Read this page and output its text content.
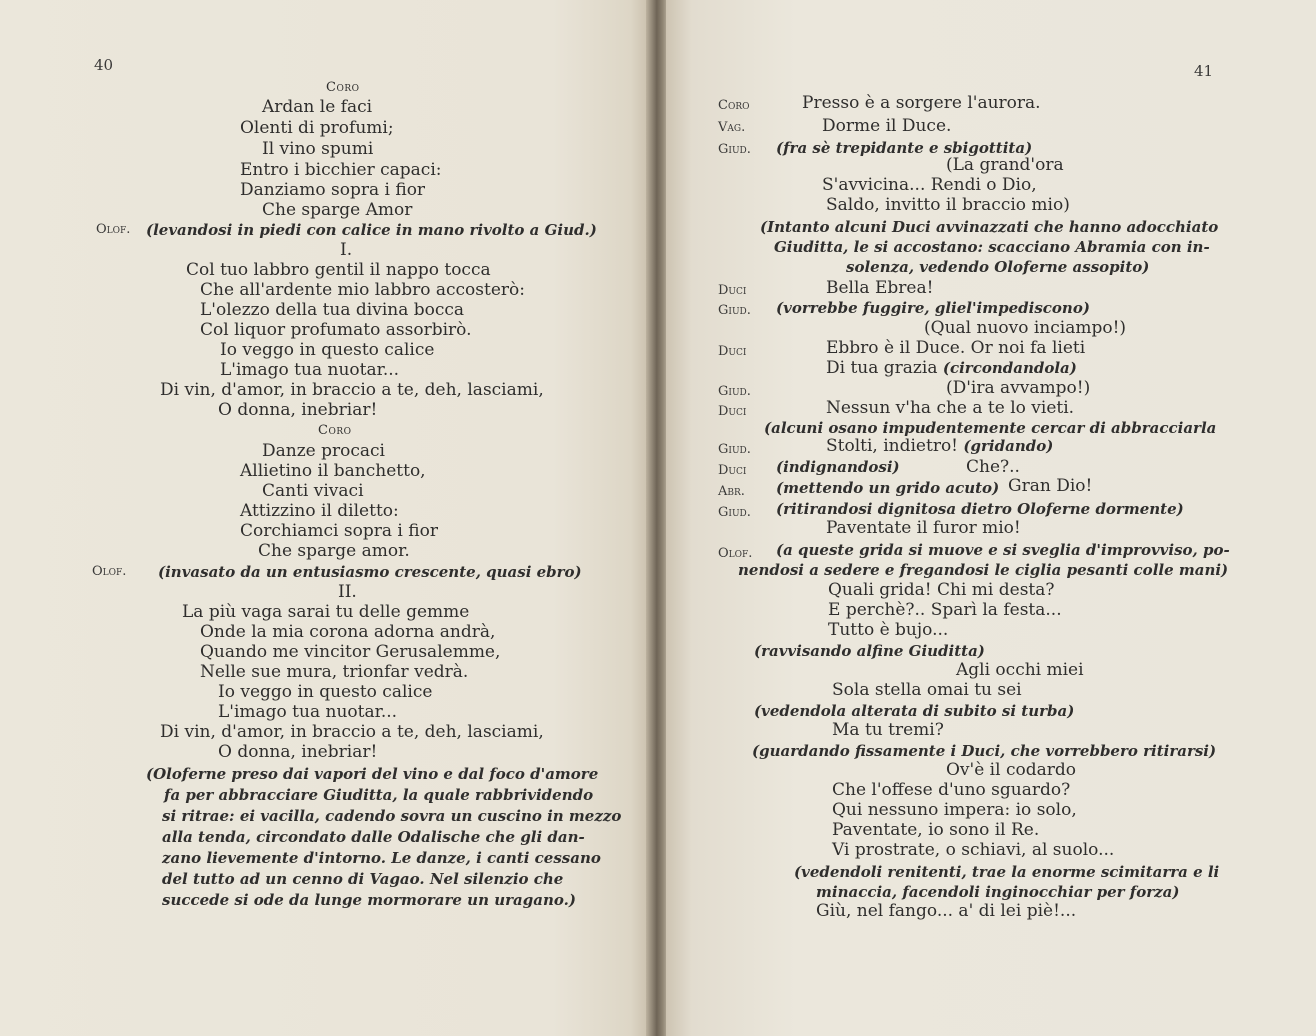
40
Coro
Ardan le faci
Olenti di profumi;
Il vino spumi
Entro i bicchier capaci:
Danziamo sopra i fior
Che sparge Amor
Olof. (levandosi in piedi con calice in mano rivolto a Giud.)
I.
Col tuo labbro gentil il nappo tocca
Che all'ardente mio labbro accosterò:
L'olezzo della tua divina bocca
Col liquor profumato assorbirò.
Io veggo in questo calice
L'imago tua nuotar...
Di vin, d'amor, in braccio a te, deh, lasciami,
O donna, inebriar!
Coro
Danze procaci
Allietino il banchetto,
Canti vivaci
Attizzino il diletto:
Corchiamci sopra i fior
Che sparge amor.
Olof. (invasato da un entusiasmo crescente, quasi ebro)
II.
La più vaga sarai tu delle gemme
Onde la mia corona adorna andrà,
Quando me vincitor Gerusalemme,
Nelle sue mura, trionfar vedrà.
Io veggo in questo calice
L'imago tua nuotar...
Di vin, d'amor, in braccio a te, deh, lasciami,
O donna, inebriar!
(Oloferne preso dai vapori del vino e dal foco d'amore
fa per abbracciare Giuditta, la quale rabbrividendo
si ritrae: ei vacilla, cadendo sovra un cuscino in mezzo
alla tenda, circondato dalle Odalische che gli dan-
zano lievemente d'intorno. Le danze, i canti cessano
del tutto ad un cenno di Vagao. Nel silenzio che
succede si ode da lunge mormorare un uragano.)
41
Coro	Presso è a sorgere l'aurora.
Vag.	Dorme il Duce.
Giud. (fra sè trepidante e sbigottita)
(La grand'ora
S'avvicina... Rendi o Dio,
Saldo, invitto il braccio mio)
(Intanto alcuni Duci avvinazzati che hanno adocchiato
Giuditta, le si accostano: scacciano Abramia con in-
solenza, vedendo Oloferne assopito)
Duci	Bella Ebrea!
Giud. (vorrebbe fuggire, gliel'impediscono)
(Qual nuovo inciampo!)
Duci	Ebbro è il Duce. Or noi fa lieti
Di tua grazia (circondandola)
Giud.	(D'ira avvampo!)
Duci	Nessun v'ha che a te lo vieti.
(alcuni osano impudentemente cercar di abbracciarla
Giud.	Stolti, indietro! (gridando)
Duci (indignandosi)	Che?..
Abr. (mettendo un grido acuto) Gran Dio!
Giud. (ritirandosi dignitosa dietro Oloferne dormente)
Paventate il furor mio!
Olof. (a queste grida si muove e si sveglia d'improvviso, po-
nendosi a sedere e fregandosi le ciglia pesanti colle mani)
Quali grida! Chi mi desta?
E perchè?.. Sparì la festa...
Tutto è bujo...
(ravvisando alfine Giuditta)
Agli occhi miei
Sola stella omai tu sei
(vedendola alterata di subito si turba)
Ma tu tremi?
(guardando fissamente i Duci, che vorrebbero ritirarsi)
Ov'è il codardo
Che l'offese d'uno sguardo?
Qui nessuno impera: io solo,
Paventate, io sono il Re.
Vi prostrate, o schiavi, al suolo...
(vedendoli renitenti, trae la enorme scimitarra e li
minaccia, facendoli inginocchiar per forza)
Giù, nel fango... a' di lei piè!...
